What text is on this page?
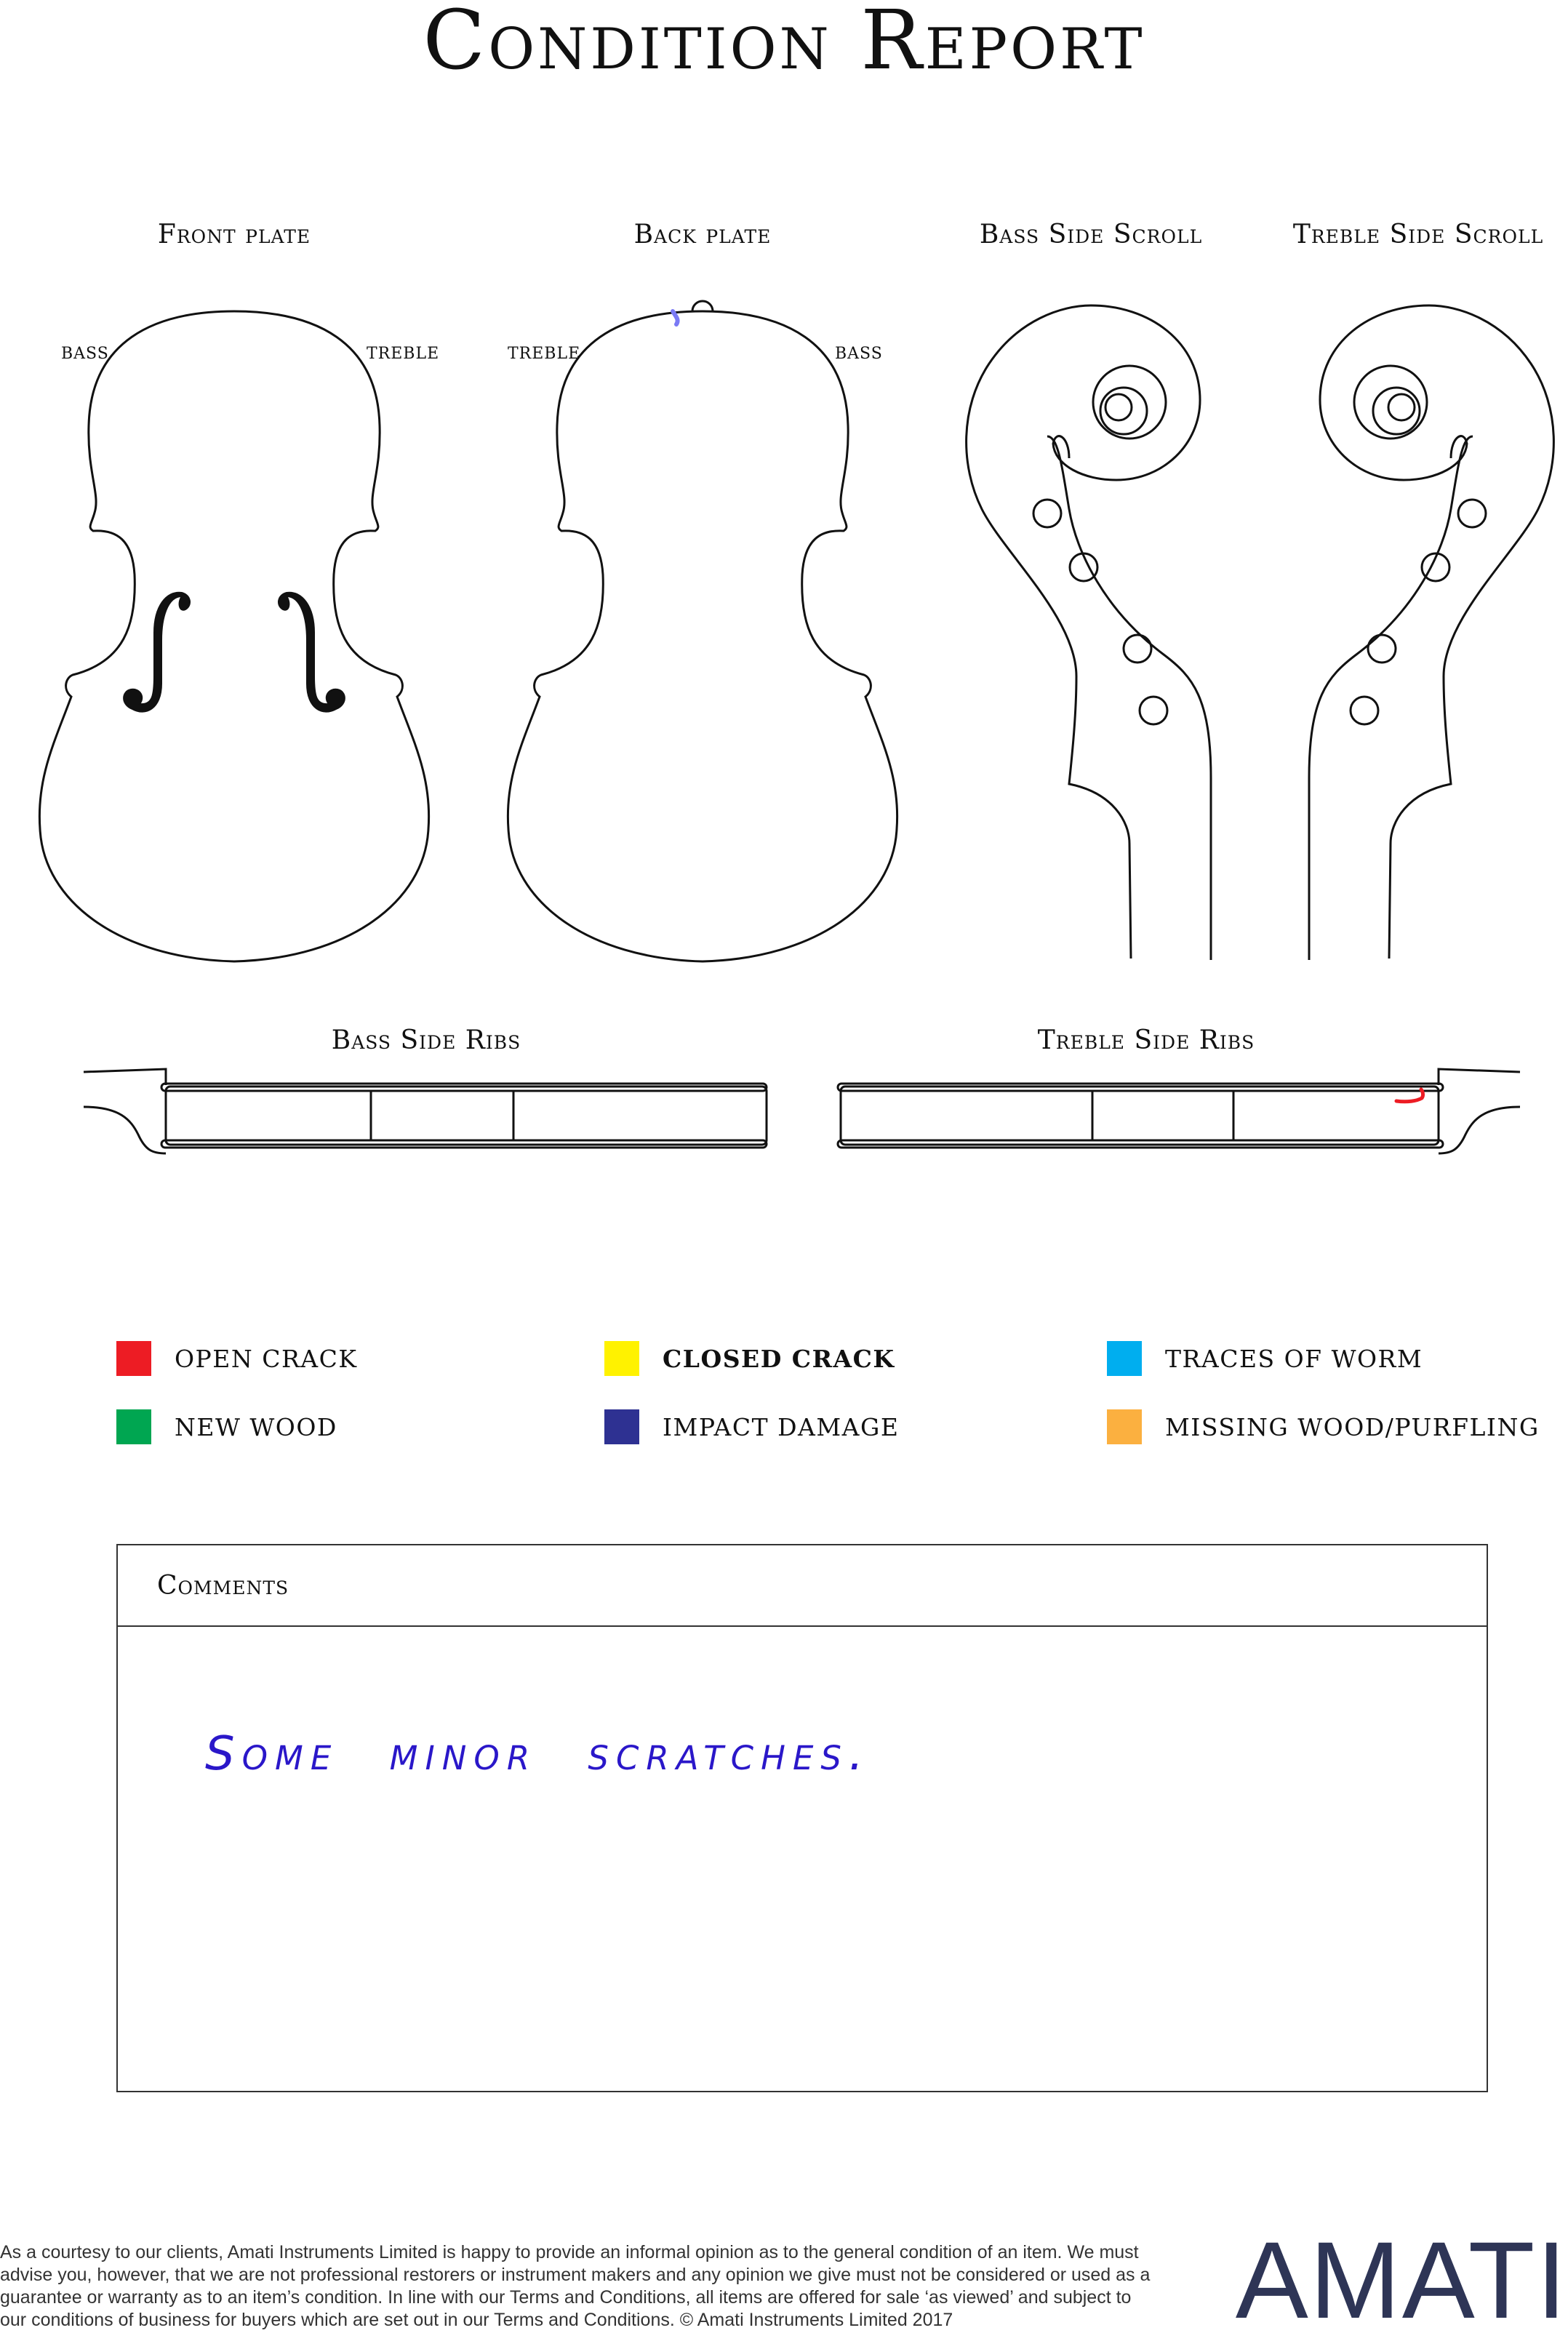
Condition Report
Front plate	Back plate	Bass Side Scroll	Treble Side Scroll
Bass Side Ribs	Treble Side Ribs
BASS	TREBLE	TREBLE	BASS
OPEN CRACK	CLOSED CRACK	TRACES OF WORM
NEW WOOD	IMPACT DAMAGE	MISSING WOOD/PURFLING
Comments
Some minor scratches.
As a courtesy to our clients, Amati Instruments Limited is happy to provide an informal opinion as to the general condition of an item. We must advise you, however, that we are not professional restorers or instrument makers and any opinion we give must not be considered or used as a guarantee or warranty as to an item’s condition. In line with our Terms and Conditions, all items are offered for sale ‘as viewed’ and subject to our conditions of business for buyers which are set out in our Terms and Conditions. © Amati Instruments Limited 2017	AMATI
